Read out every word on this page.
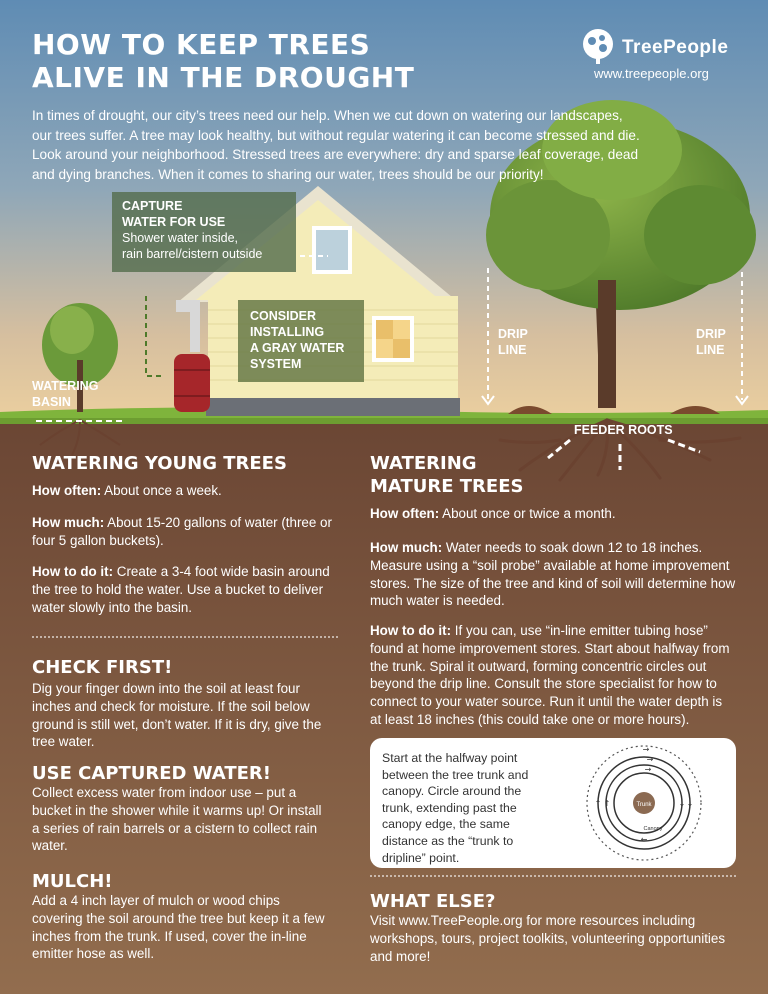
HOW TO KEEP TREES
ALIVE IN THE DROUGHT
TreePeople
www.treepeople.org

In times of drought, our city’s trees need our help. When we cut down on watering our landscapes, our trees suffer. A tree may look healthy, but without regular watering it can become stressed and die. Look around your neighborhood. Stressed trees are everywhere: dry and sparse leaf coverage, dead and dying branches. When it comes to sharing our water, trees should be our priority!

CAPTURE
WATER FOR USE
Shower water inside,
rain barrel/cistern outside
CONSIDER
INSTALLING
A GRAY WATER
SYSTEM
WATERING
BASIN
DRIP
LINE
DRIP
LINE
FEEDER ROOTS
WATERING YOUNG TREES

How often: About once a week.

How much: About 15-20 gallons of water (three or four 5 gallon buckets).

How to do it: Create a 3-4 foot wide basin around the tree to hold the water. Use a bucket to deliver water slowly into the basin.

CHECK FIRST!

Dig your finger down into the soil at least four inches and check for moisture. If the soil below ground is still wet, don’t water. If it is dry, give the tree water.

USE CAPTURED WATER!

Collect excess water from indoor use – put a bucket in the shower while it warms up! Or install a series of rain barrels or a cistern to collect rain water.

MULCH!

Add a 4 inch layer of mulch or wood chips covering the soil around the tree but keep it a few inches from the trunk. If used, cover the in-line emitter hose as well.

WATERING
MATURE TREES

How often: About once or twice a month.

How much: Water needs to soak down 12 to 18 inches. Measure using a “soil probe” available at home improvement stores. The size of the tree and kind of soil will determine how much water is needed.

How to do it: If you can, use “in-line emitter tubing hose” found at home improvement stores. Start about halfway from the trunk. Spiral it outward, forming concentric circles out beyond the drip line. Consult the store specialist for how to connect to your water source. Run it until the water depth is at least 18 inches (this could take one or more hours).

Start at the halfway point between the tree trunk and canopy. Circle around the trunk, extending past the canopy edge, the same distance as the “trunk to dripline” point.

Trunk
Canopy
→
→
→
↑ ↑	↓ ↓
←
WHAT ELSE?

Visit www.TreePeople.org for more resources including workshops, tours, project toolkits, volunteering opportunities and more!
